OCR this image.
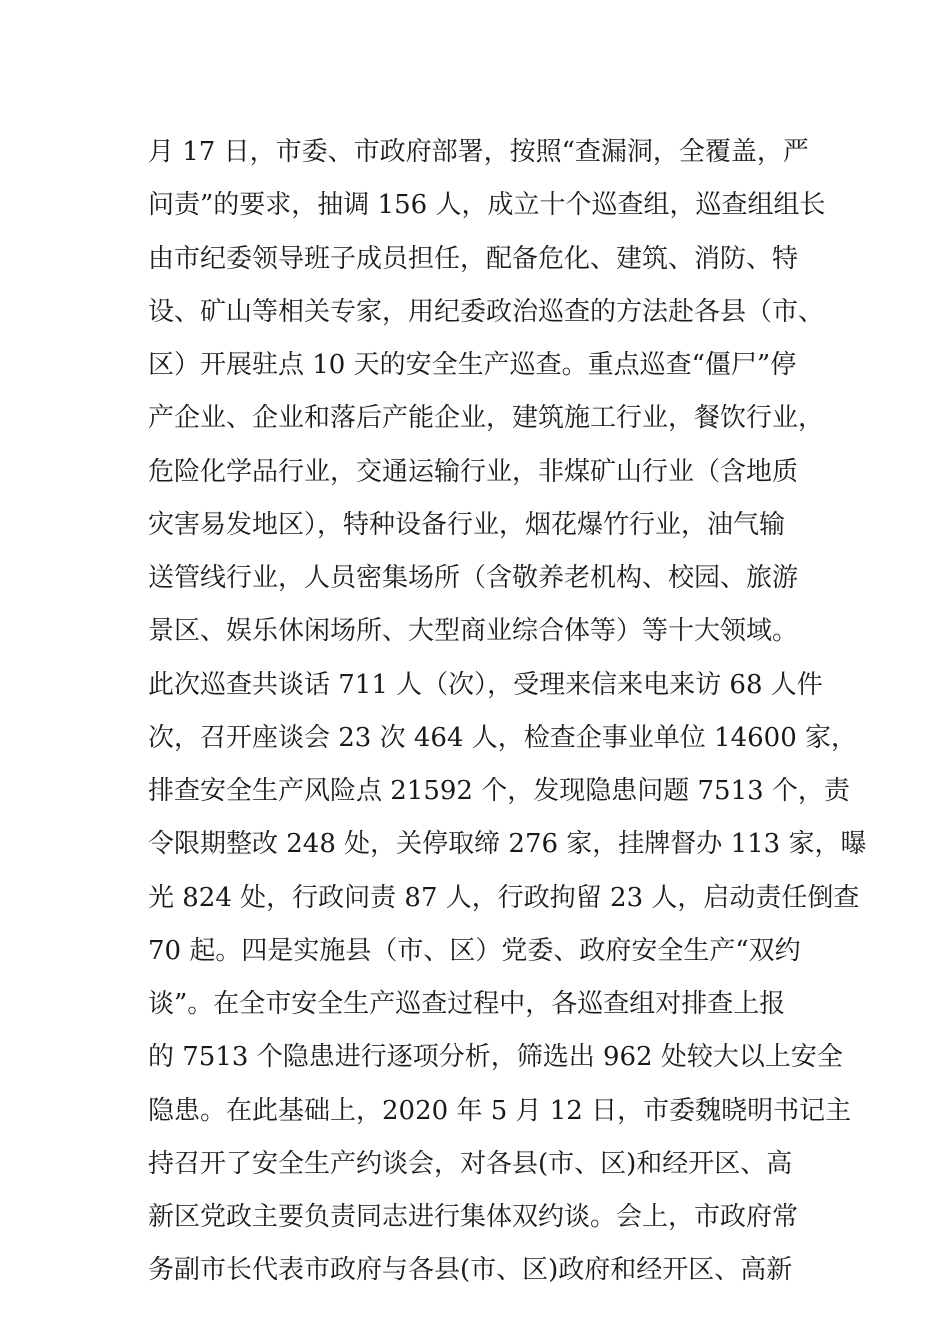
月 17 日，市委、市政府部署，按照“查漏洞，全覆盖，严
问责”的要求，抽调 156 人，成立十个巡查组，巡查组组长
由市纪委领导班子成员担任，配备危化、建筑、消防、特
设、矿山等相关专家，用纪委政治巡查的方法赴各县（市、
区）开展驻点 10 天的安全生产巡查。重点巡查“僵尸”停
产企业、企业和落后产能企业，建筑施工行业，餐饮行业，
危险化学品行业，交通运输行业，非煤矿山行业（含地质
灾害易发地区），特种设备行业，烟花爆竹行业，油气输
送管线行业，人员密集场所（含敬养老机构、校园、旅游
景区、娱乐休闲场所、大型商业综合体等）等十大领域。
此次巡查共谈话 711 人（次），受理来信来电来访 68 人件
次，召开座谈会 23 次 464 人，检查企事业单位 14600 家，
排查安全生产风险点 21592 个，发现隐患问题 7513 个，责
令限期整改 248 处，关停取缔 276 家，挂牌督办 113 家，曝
光 824 处，行政问责 87 人，行政拘留 23 人，启动责任倒查
70 起。四是实施县（市、区）党委、政府安全生产“双约
谈”。在全市安全生产巡查过程中，各巡查组对排查上报
的 7513 个隐患进行逐项分析，筛选出 962 处较大以上安全
隐患。在此基础上，2020 年 5 月 12 日，市委魏晓明书记主
持召开了安全生产约谈会，对各县(市、区)和经开区、高
新区党政主要负责同志进行集体双约谈。会上，市政府常
务副市长代表市政府与各县(市、区)政府和经开区、高新
